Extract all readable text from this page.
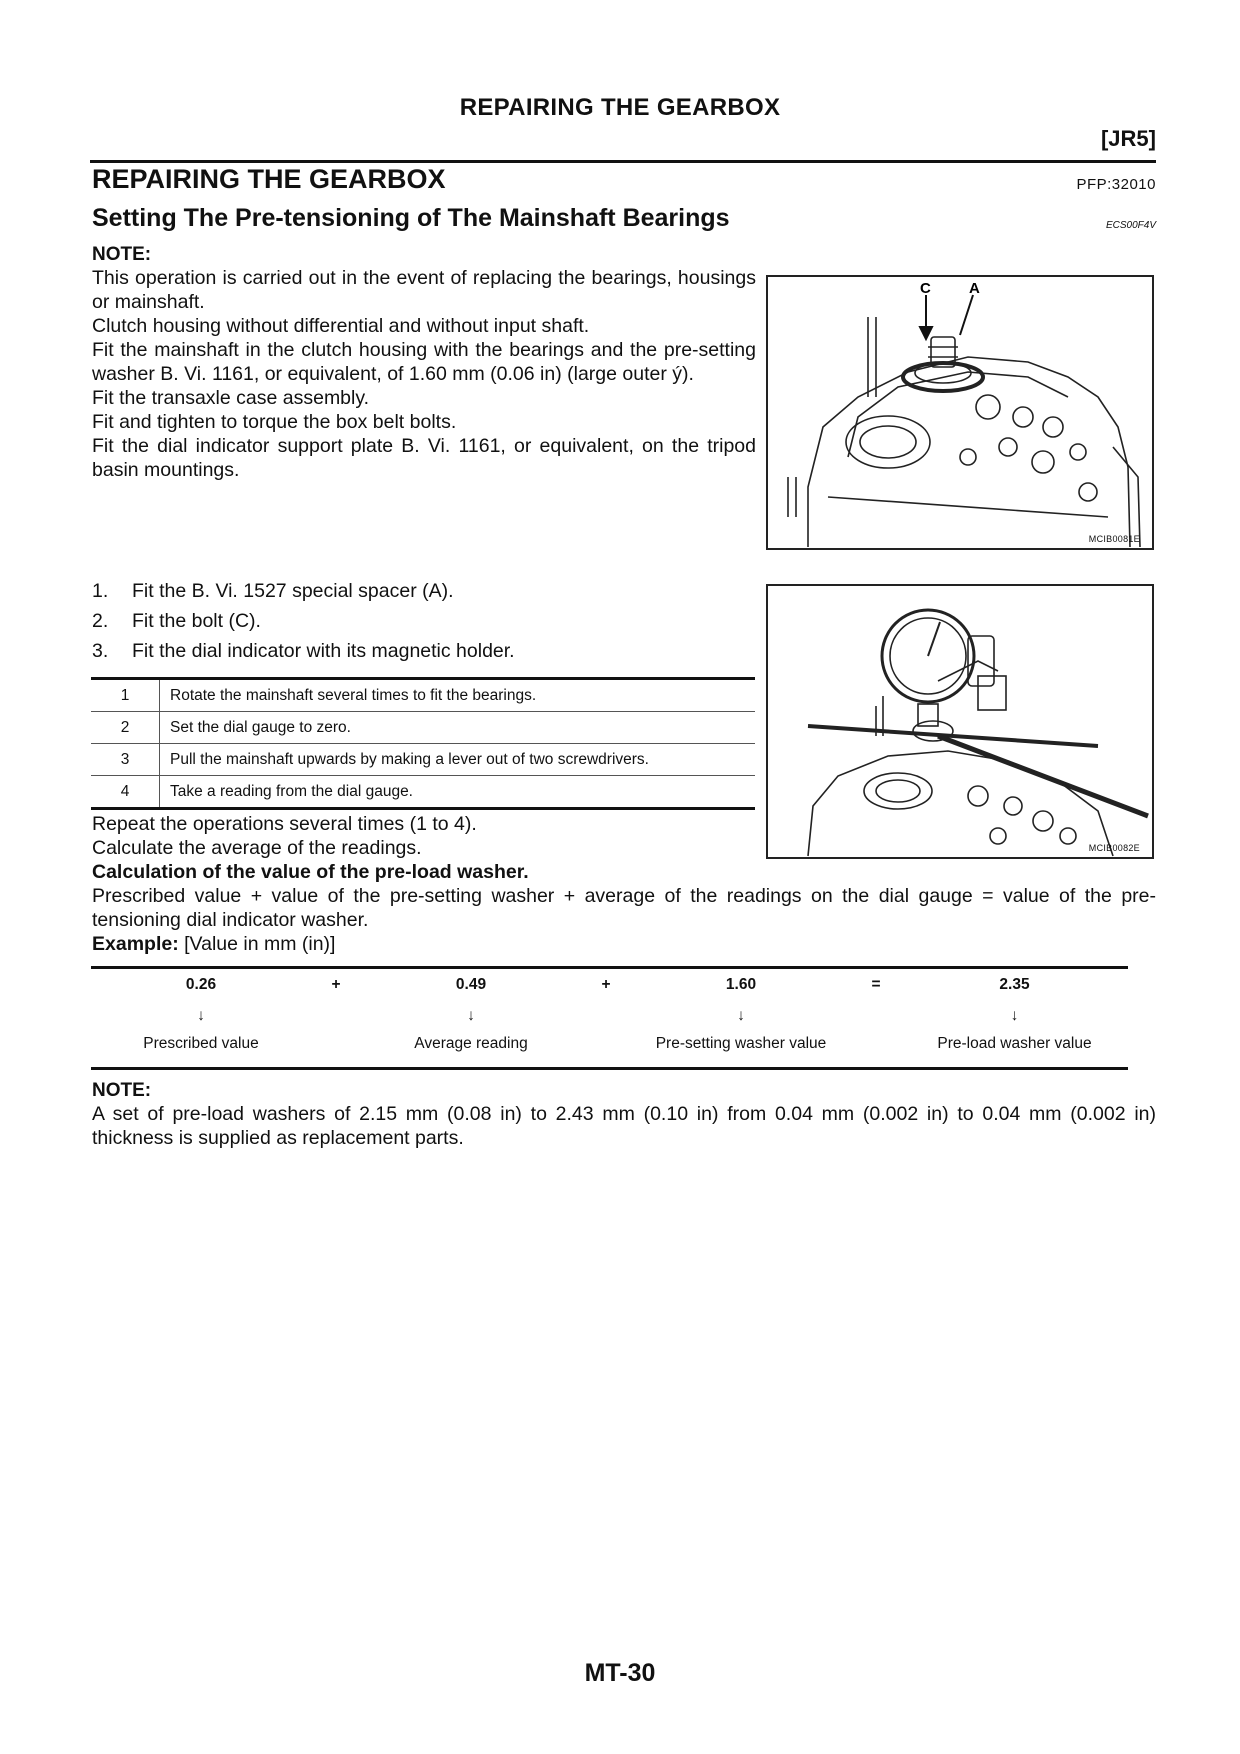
REPAIRING THE GEARBOX
[JR5]
REPAIRING THE GEARBOX	PFP:32010
Setting The Pre-tensioning of The Mainshaft Bearings	ECS00F4V
NOTE:
This operation is carried out in the event of replacing the bearings, housings or mainshaft.
Clutch housing without differential and without input shaft.
Fit the mainshaft in the clutch housing with the bearings and the pre-setting washer B. Vi. 1161, or equivalent, of 1.60 mm (0.06 in) (large outer ý).
Fit the transaxle case assembly.
Fit and tighten to torque the box belt bolts.
Fit the dial indicator support plate B. Vi. 1161, or equivalent, on the tripod basin mountings.
C	A
MCIB0081E
1.	Fit the B. Vi. 1527 special spacer (A).
2.	Fit the bolt (C).
3.	Fit the dial indicator with its magnetic holder.
MCIB0082E
1	Rotate the mainshaft several times to fit the bearings.
2	Set the dial gauge to zero.
3	Pull the mainshaft upwards by making a lever out of two screwdrivers.
4	Take a reading from the dial gauge.
Repeat the operations several times (1 to 4).
Calculate the average of the readings.
Calculation of the value of the pre-load washer.
Prescribed value + value of the pre-setting washer + average of the readings on the dial gauge = value of the pre-tensioning dial indicator washer.
Example: [Value in mm (in)]
0.26	+	0.49	+	1.60	=	2.35
↓	↓	↓	↓
Prescribed value	Average reading	Pre-setting washer value	Pre-load washer value
NOTE:
A set of pre-load washers of 2.15 mm (0.08 in) to 2.43 mm (0.10 in) from 0.04 mm (0.002 in) to 0.04 mm (0.002 in) thickness is supplied as replacement parts.
MT-30
